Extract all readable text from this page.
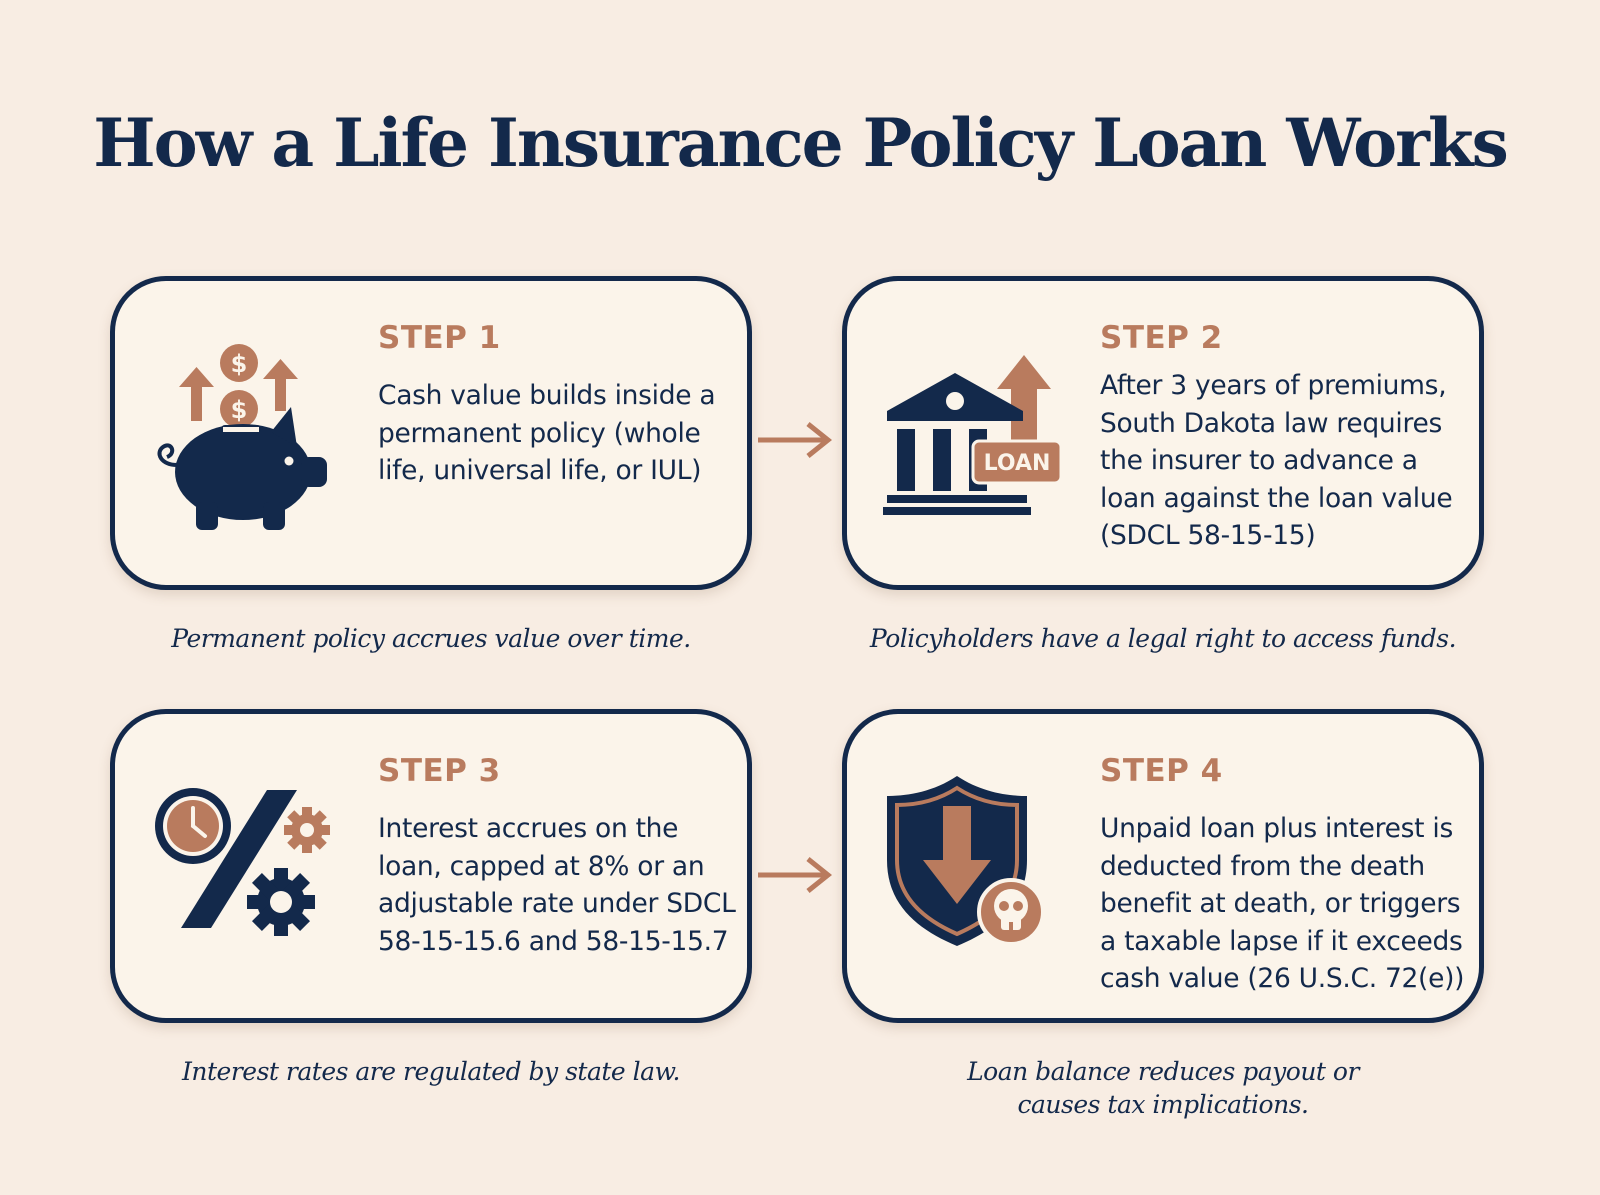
How a Life Insurance Policy Loan Works
$
$
STEP 1
Cash value builds inside a permanent policy (whole life, universal life, or IUL)
Permanent policy accrues value over time.
LOAN
STEP 2
After 3 years of premiums, South Dakota law requires the insurer to advance a loan against the loan value (SDCL 58-15-15)
Policyholders have a legal right to access funds.
STEP 3
Interest accrues on the loan, capped at 8% or an adjustable rate under SDCL 58-15-15.6 and 58-15-15.7
Interest rates are regulated by state law.
STEP 4
Unpaid loan plus interest is deducted from the death benefit at death, or triggers a taxable lapse if it exceeds cash value (26 U.S.C. 72(e))
Loan balance reduces payout or causes tax implications.
